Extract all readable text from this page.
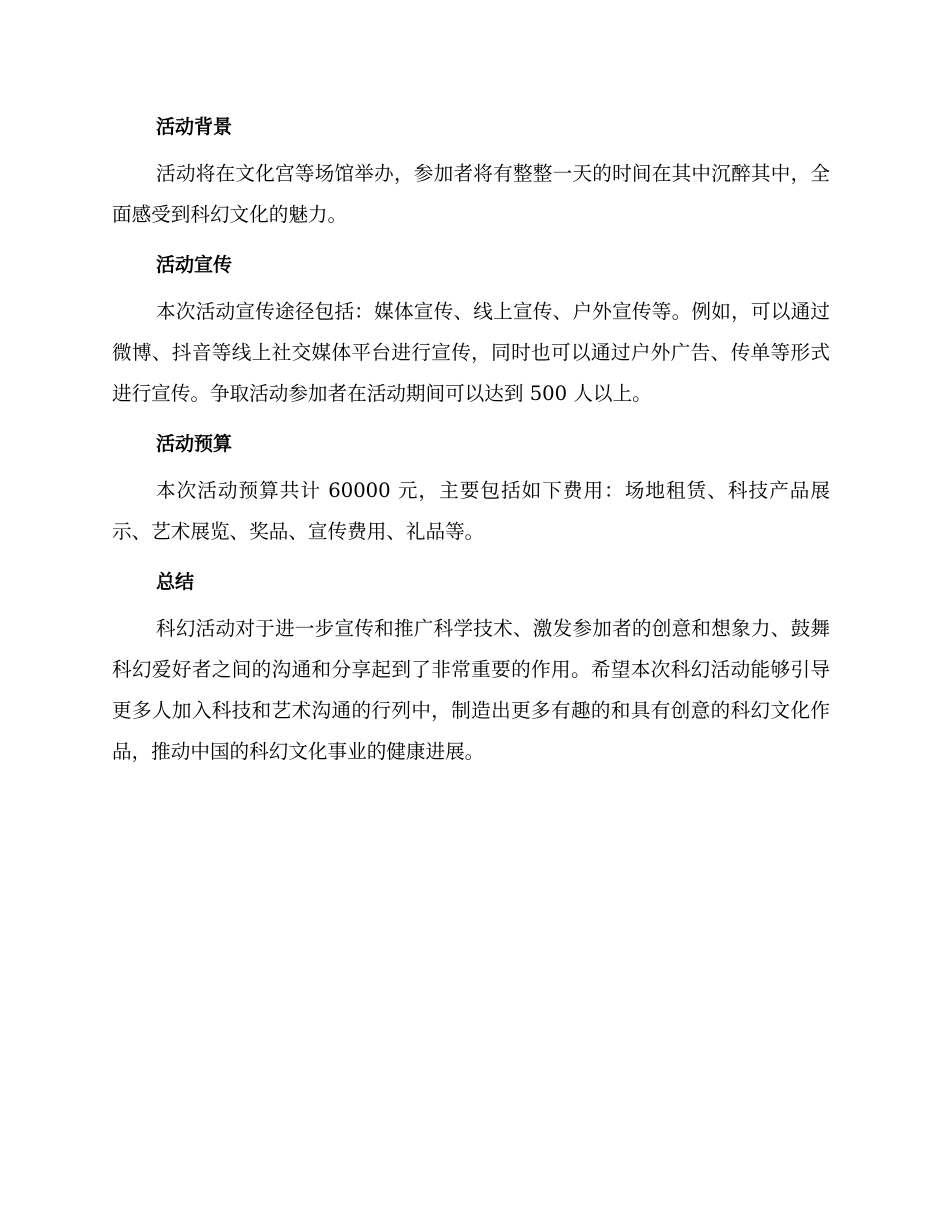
活动背景

活动将在文化宫等场馆举办，参加者将有整整一天的时间在其中沉醉其中，全面感受到科幻文化的魅力。

活动宣传

本次活动宣传途径包括：媒体宣传、线上宣传、户外宣传等。例如，可以通过微博、抖音等线上社交媒体平台进行宣传，同时也可以通过户外广告、传单等形式进行宣传。争取活动参加者在活动期间可以达到 500 人以上。

活动预算

本次活动预算共计 60000 元，主要包括如下费用：场地租赁、科技产品展示、艺术展览、奖品、宣传费用、礼品等。

总结

科幻活动对于进一步宣传和推广科学技术、激发参加者的创意和想象力、鼓舞科幻爱好者之间的沟通和分享起到了非常重要的作用。希望本次科幻活动能够引导更多人加入科技和艺术沟通的行列中，制造出更多有趣的和具有创意的科幻文化作品，推动中国的科幻文化事业的健康进展。
